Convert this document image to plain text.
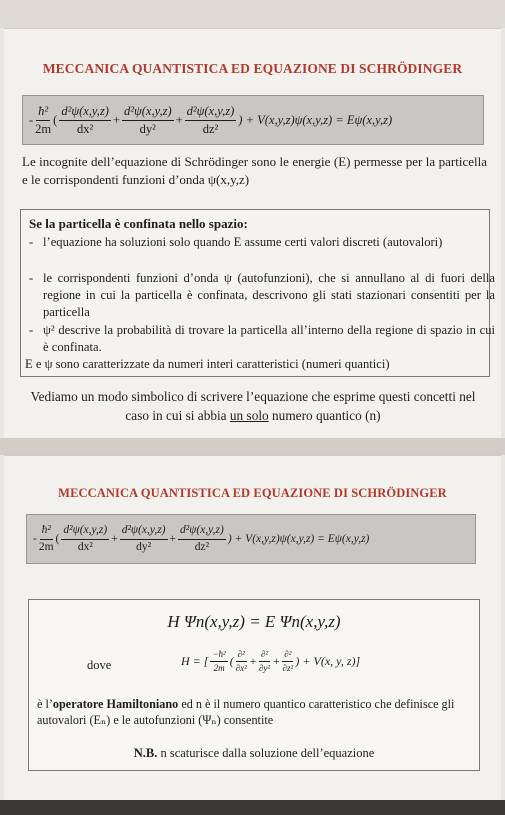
MECCANICA QUANTISTICA ED EQUAZIONE DI SCHRÖDINGER
- $\frac{\text{ħ²}}{2m}$ ( $\frac{\text{d²ψ(x,y,z)}}{\text{dx²}} + \frac{\text{d²ψ(x,y,z)}}{\text{dy²}} + \frac{\text{d²ψ(x,y,z)}}{\text{dz²}}$ ) + V(x,y,z)ψ(x,y,z) = Eψ(x,y,z)
Le incognite dell’equazione di Schrödinger sono le energie (E) permesse per la particella e le corrispondenti funzioni d’onda ψ(x,y,z)
Se la particella è confinata nello spazio:
- l’equazione ha soluzioni solo quando E assume certi valori discreti (autovalori)
- le corrispondenti funzioni d’onda ψ (autofunzioni), che si annullano al di fuori della regione in cui la particella è confinata, descrivono gli stati stazionari consentiti per la particella
- ψ² descrive la probabilità di trovare la particella all’interno della regione di spazio in cui è confinata.
E e ψ sono caratterizzate da numeri interi caratteristici (numeri quantici)
Vediamo un modo simbolico di scrivere l’equazione che esprime questi concetti nel caso in cui si abbia un solo numero quantico (n)
MECCANICA QUANTISTICA ED EQUAZIONE DI SCHRÖDINGER
- $\frac{\text{ħ²}}{2m}$ ( $\frac{\text{d²ψ(x,y,z)}}{\text{dx²}} + \frac{\text{d²ψ(x,y,z)}}{\text{dy²}} + \frac{\text{d²ψ(x,y,z)}}{\text{dz²}}$ ) + V(x,y,z)ψ(x,y,z) = Eψ(x,y,z)
H Ψn(x,y,z) = E Ψn(x,y,z)
dove	H = [ $\frac{\text{−ħ²}}{2m}$ ( $\frac{\text{∂²}}{\text{∂x²}} + \frac{\text{∂²}}{\text{∂y²}} + \frac{\text{∂²}}{\text{∂z²}}$ ) + V(x, y, z)]
è l’operatore Hamiltoniano ed n è il numero quantico caratteristico che definisce gli autovalori (Eₙ) e le autofunzioni (Ψₙ) consentite
N.B. n scaturisce dalla soluzione dell’equazione
